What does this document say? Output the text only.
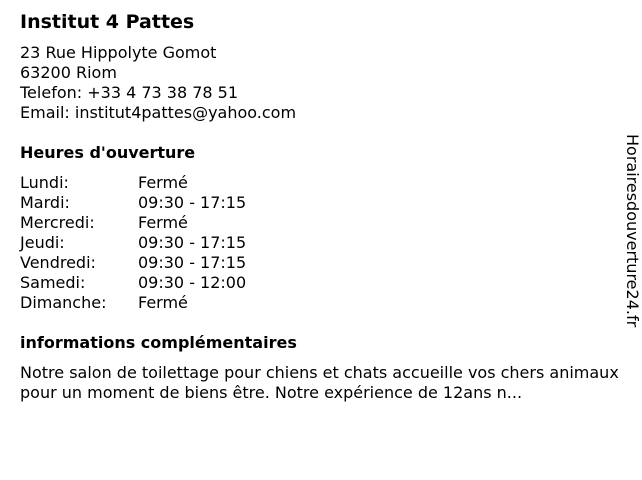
Institut 4 Pattes
23 Rue Hippolyte Gomot
63200 Riom
Telefon: +33 4 73 38 78 51
Email: institut4pattes@yahoo.com
Heures d'ouverture
Lundi:	Fermé
Mardi:	09:30 - 17:15
Mercredi:	Fermé
Jeudi:	09:30 - 17:15
Vendredi:	09:30 - 17:15
Samedi:	09:30 - 12:00
Dimanche:	Fermé
informations complémentaires
Notre salon de toilettage pour chiens et chats accueille vos chers animaux pour un moment de biens être. Notre expérience de 12ans n...
Horairesdouverture24.fr
